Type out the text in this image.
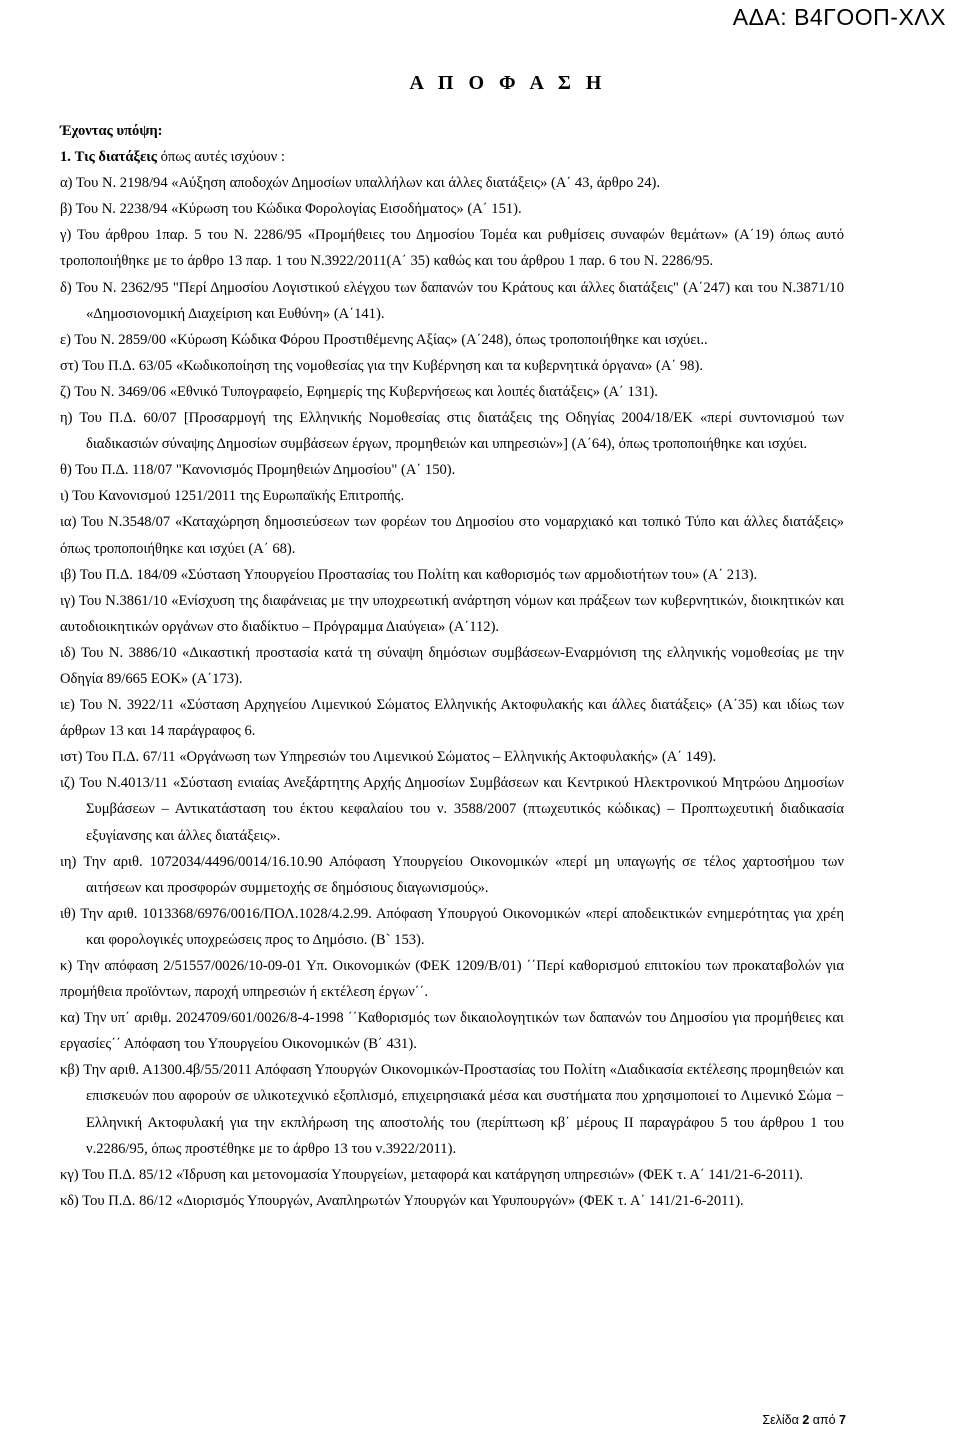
ΑΔΑ: Β4ΓΟΟΠ-ΧΛΧ
Α Π Ο Φ Α Σ Η
Έχοντας υπόψη:
1. Τις διατάξεις όπως αυτές ισχύουν :
α) Του Ν. 2198/94 «Αύξηση αποδοχών Δημοσίων υπαλλήλων και άλλες διατάξεις» (Α΄ 43, άρθρο 24).
β) Του Ν. 2238/94 «Κύρωση του Κώδικα Φορολογίας Εισοδήματος» (Α΄ 151).
γ) Του άρθρου 1παρ. 5 του Ν. 2286/95 «Προμήθειες του Δημοσίου Τομέα και ρυθμίσεις συναφών θεμάτων» (Α΄19) όπως αυτό τροποποιήθηκε με το άρθρο 13 παρ. 1 του Ν.3922/2011(Α΄ 35) καθώς και του άρθρου 1 παρ. 6 του Ν. 2286/95.
δ) Του Ν. 2362/95 "Περί Δημοσίου Λογιστικού ελέγχου των δαπανών του Κράτους και άλλες διατάξεις" (Α΄247) και του Ν.3871/10 «Δημοσιονομική Διαχείριση και Ευθύνη» (Α΄141).
ε) Του Ν. 2859/00 «Κύρωση Κώδικα Φόρου Προστιθέμενης Αξίας» (Α΄248), όπως τροποποιήθηκε και ισχύει..
στ) Του Π.Δ. 63/05 «Κωδικοποίηση της νομοθεσίας για την Κυβέρνηση και τα κυβερνητικά όργανα» (Α΄ 98).
ζ) Του Ν. 3469/06 «Εθνικό Τυπογραφείο, Εφημερίς της Κυβερνήσεως και λοιπές διατάξεις» (Α΄ 131).
η) Του Π.Δ. 60/07 [Προσαρμογή της Ελληνικής Νομοθεσίας στις διατάξεις της Οδηγίας 2004/18/ΕΚ «περί συντονισμού των διαδικασιών σύναψης Δημοσίων συμβάσεων έργων, προμηθειών και υπηρεσιών»] (Α΄64), όπως τροποποιήθηκε και ισχύει.
θ) Του Π.Δ. 118/07 "Κανονισμός Προμηθειών Δημοσίου" (Α΄ 150).
ι) Του Κανονισμού 1251/2011 της Ευρωπαϊκής Επιτροπής.
ια) Του Ν.3548/07 «Καταχώρηση δημοσιεύσεων των φορέων του Δημοσίου στο νομαρχιακό και τοπικό Τύπο και άλλες διατάξεις» όπως τροποποιήθηκε και ισχύει (Α΄ 68).
ιβ) Του Π.Δ. 184/09 «Σύσταση Υπουργείου Προστασίας του Πολίτη και καθορισμός των αρμοδιοτήτων του» (Α΄ 213).
ιγ) Του Ν.3861/10 «Ενίσχυση της διαφάνειας με την υποχρεωτική ανάρτηση νόμων και πράξεων των κυβερνητικών, διοικητικών και αυτοδιοικητικών οργάνων στο διαδίκτυο – Πρόγραμμα Διαύγεια» (Α΄112).
ιδ) Του Ν. 3886/10 «Δικαστική προστασία κατά τη σύναψη δημόσιων συμβάσεων-Εναρμόνιση της ελληνικής νομοθεσίας με την Οδηγία 89/665 ΕΟΚ» (Α΄173).
ιε) Του Ν. 3922/11 «Σύσταση Αρχηγείου Λιμενικού Σώματος Ελληνικής Ακτοφυλακής και άλλες διατάξεις» (Α΄35) και ιδίως των άρθρων 13 και 14 παράγραφος 6.
ιστ) Του Π.Δ. 67/11 «Οργάνωση των Υπηρεσιών του Λιμενικού Σώματος – Ελληνικής Ακτοφυλακής» (Α΄ 149).
ιζ) Του Ν.4013/11 «Σύσταση ενιαίας Ανεξάρτητης Αρχής Δημοσίων Συμβάσεων και Κεντρικού Ηλεκτρονικού Μητρώου Δημοσίων Συμβάσεων – Αντικατάσταση του έκτου κεφαλαίου του ν. 3588/2007 (πτωχευτικός κώδικας) – Προπτωχευτική διαδικασία εξυγίανσης και άλλες διατάξεις».
ιη) Την αριθ. 1072034/4496/0014/16.10.90 Απόφαση Υπουργείου Οικονομικών «περί μη υπαγωγής σε τέλος χαρτοσήμου των αιτήσεων και προσφορών συμμετοχής σε δημόσιους διαγωνισμούς».
ιθ) Την αριθ. 1013368/6976/0016/ΠΟΛ.1028/4.2.99. Απόφαση Υπουργού Οικονομικών «περί αποδεικτικών ενημερότητας για χρέη και φορολογικές υποχρεώσεις προς το Δημόσιο. (Β` 153).
κ) Την απόφαση 2/51557/0026/10-09-01 Υπ. Οικονομικών (ΦΕΚ 1209/Β/01) ΄΄Περί καθορισμού επιτοκίου των προκαταβολών για προμήθεια προϊόντων, παροχή υπηρεσιών ή εκτέλεση έργων΄΄.
κα) Την υπ΄ αριθμ. 2024709/601/0026/8-4-1998 ΄΄Καθορισμός των δικαιολογητικών των δαπανών του Δημοσίου για προμήθειες και εργασίες΄΄ Απόφαση του Υπουργείου Οικονομικών (Β΄ 431).
κβ) Την αριθ. Α1300.4β/55/2011 Απόφαση Υπουργών Οικονομικών-Προστασίας του Πολίτη «Διαδικασία εκτέλεσης προμηθειών και επισκευών που αφορούν σε υλικοτεχνικό εξοπλισμό, επιχειρησιακά μέσα και συστήματα που χρησιμοποιεί το Λιμενικό Σώμα − Ελληνική Ακτοφυλακή για την εκπλήρωση της αποστολής του (περίπτωση κβ΄ μέρους ΙΙ παραγράφου 5 του άρθρου 1 του ν.2286/95, όπως προστέθηκε με το άρθρο 13 του ν.3922/2011).
κγ) Του Π.Δ. 85/12 «Ίδρυση και μετονομασία Υπουργείων, μεταφορά και κατάργηση υπηρεσιών» (ΦΕΚ τ. Α΄ 141/21-6-2011).
κδ) Του Π.Δ. 86/12 «Διορισμός Υπουργών, Αναπληρωτών Υπουργών και Υφυπουργών» (ΦΕΚ τ. Α΄ 141/21-6-2011).
Σελίδα 2 από 7
